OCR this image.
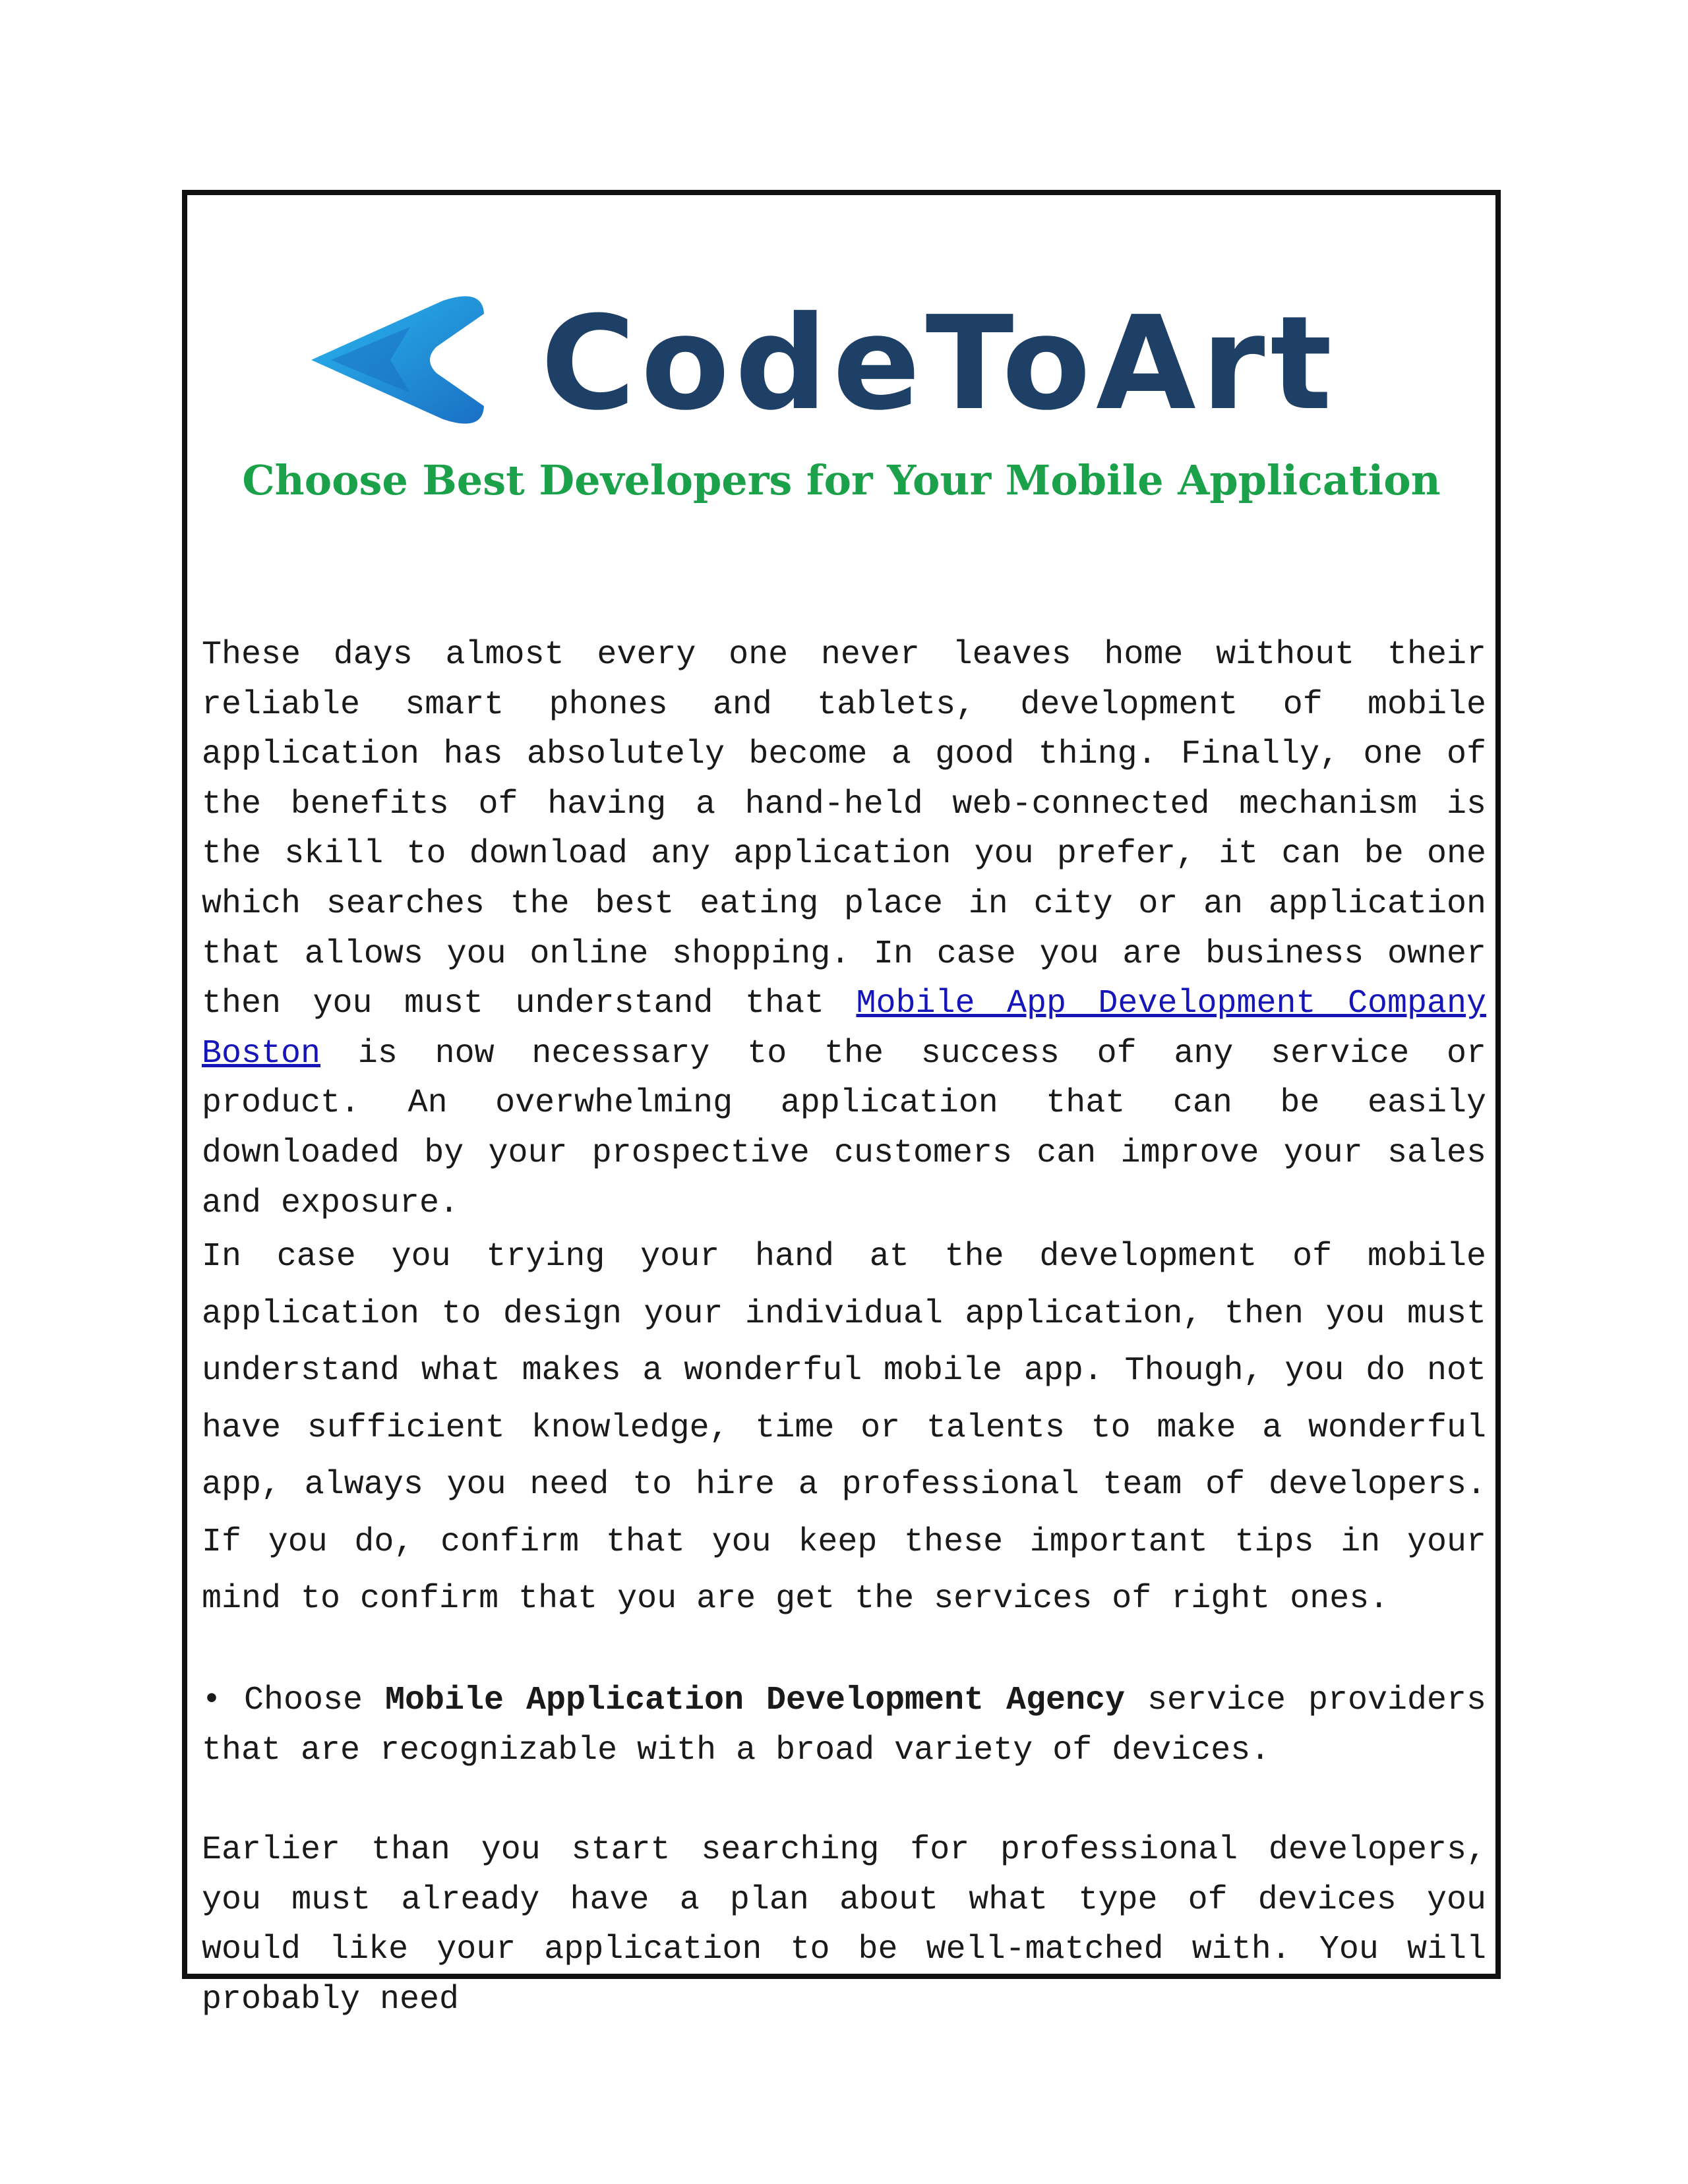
CodeToArt
Choose Best Developers for Your Mobile Application

These days almost every one never leaves home without their reliable smart phones and tablets, development of mobile application has absolutely become a good thing. Finally, one of the benefits of having a hand-held web-connected mechanism is the skill to download any application you prefer, it can be one which searches the best eating place in city or an application that allows you online shopping. In case you are business owner then you must understand that Mobile App Development Company Boston is now necessary to the success of any service or product. An overwhelming application that can be easily downloaded by your prospective customers can improve your sales and exposure.

In case you trying your hand at the development of mobile application to design your individual application, then you must understand what makes a wonderful mobile app. Though, you do not have sufficient knowledge, time or talents to make a wonderful app, always you need to hire a professional team of developers. If you do, confirm that you keep these important tips in your mind to confirm that you are get the services of right ones.

• Choose Mobile Application Development Agency service providers that are recognizable with a broad variety of devices.

Earlier than you start searching for professional developers, you must already have a plan about what type of devices you would like your application to be well-matched with. You will probably need
